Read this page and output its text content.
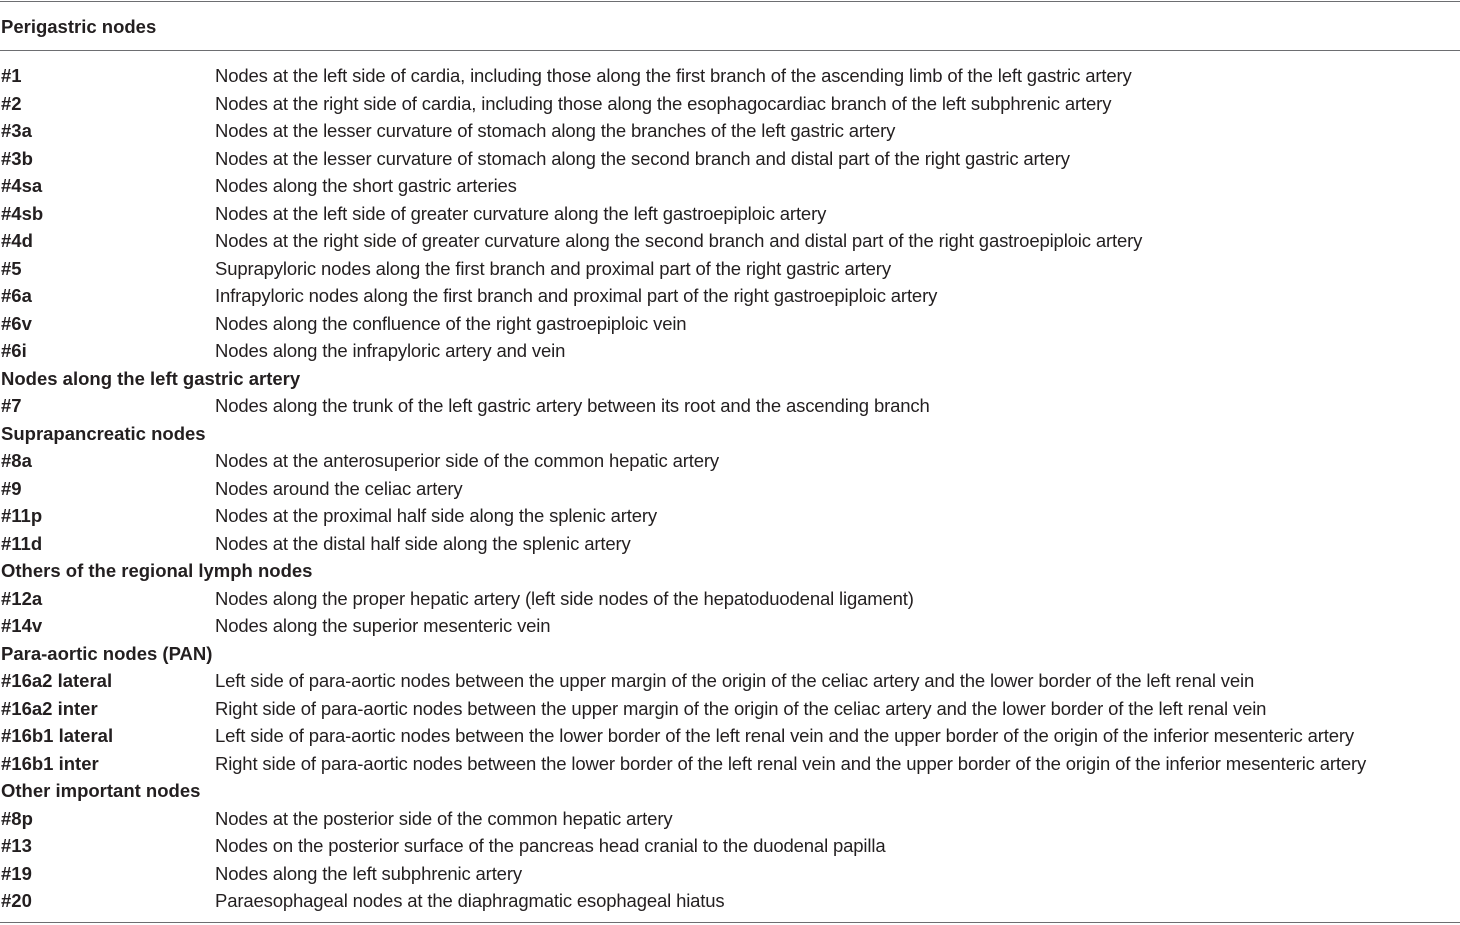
Perigastric nodes
#1	Nodes at the left side of cardia, including those along the first branch of the ascending limb of the left gastric artery
#2	Nodes at the right side of cardia, including those along the esophagocardiac branch of the left subphrenic artery
#3a	Nodes at the lesser curvature of stomach along the branches of the left gastric artery
#3b	Nodes at the lesser curvature of stomach along the second branch and distal part of the right gastric artery
#4sa	Nodes along the short gastric arteries
#4sb	Nodes at the left side of greater curvature along the left gastroepiploic artery
#4d	Nodes at the right side of greater curvature along the second branch and distal part of the right gastroepiploic artery
#5	Suprapyloric nodes along the first branch and proximal part of the right gastric artery
#6a	Infrapyloric nodes along the first branch and proximal part of the right gastroepiploic artery
#6v	Nodes along the confluence of the right gastroepiploic vein
#6i	Nodes along the infrapyloric artery and vein
Nodes along the left gastric artery
#7	Nodes along the trunk of the left gastric artery between its root and the ascending branch
Suprapancreatic nodes
#8a	Nodes at the anterosuperior side of the common hepatic artery
#9	Nodes around the celiac artery
#11p	Nodes at the proximal half side along the splenic artery
#11d	Nodes at the distal half side along the splenic artery
Others of the regional lymph nodes
#12a	Nodes along the proper hepatic artery (left side nodes of the hepatoduodenal ligament)
#14v	Nodes along the superior mesenteric vein
Para-aortic nodes (PAN)
#16a2 lateral	Left side of para-aortic nodes between the upper margin of the origin of the celiac artery and the lower border of the left renal vein
#16a2 inter	Right side of para-aortic nodes between the upper margin of the origin of the celiac artery and the lower border of the left renal vein
#16b1 lateral	Left side of para-aortic nodes between the lower border of the left renal vein and the upper border of the origin of the inferior mesenteric artery
#16b1 inter	Right side of para-aortic nodes between the lower border of the left renal vein and the upper border of the origin of the inferior mesenteric artery
Other important nodes
#8p	Nodes at the posterior side of the common hepatic artery
#13	Nodes on the posterior surface of the pancreas head cranial to the duodenal papilla
#19	Nodes along the left subphrenic artery
#20	Paraesophageal nodes at the diaphragmatic esophageal hiatus
